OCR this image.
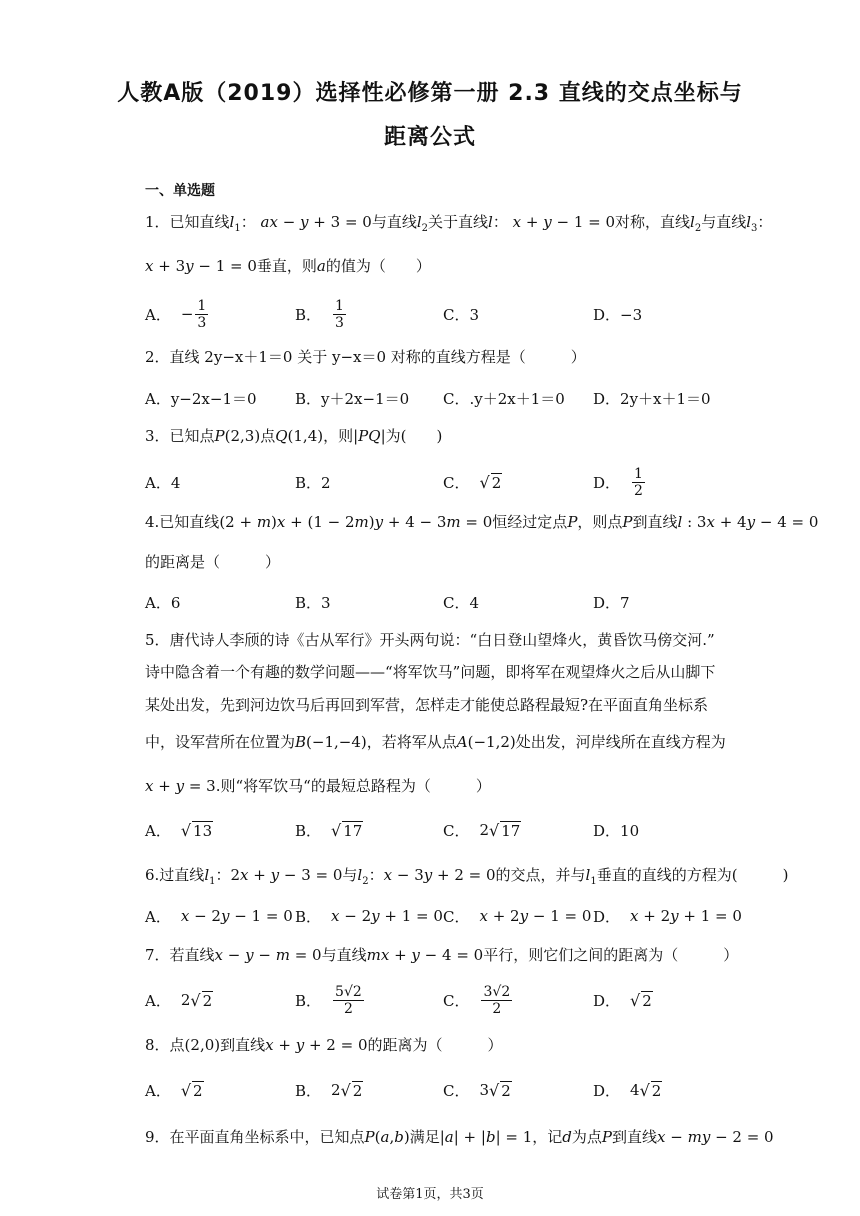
人教A版（2019）选择性必修第一册 2.3 直线的交点坐标与
距离公式
一、单选题
1．已知直线$l_1$： ax − y + 3 = 0与直线$l_2$关于直线l： x + y − 1 = 0对称，直线$l_2$与直线$l_3$：
x + 3y − 1 = 0垂直，则a的值为（　　）
A． − $\frac{1}{3}$	B． $\frac{1}{3}$	C．3	D．−3
2．直线 2y−x＋1＝0 关于 y−x＝0 对称的直线方程是（　　　）
A．y−2x−1＝0	B．y＋2x−1＝0 C．.y＋2x＋1＝0 D．2y＋x＋1＝0
3．已知点P(2,3)点Q(1,4)，则|PQ|为(　　)
A．4	B．2	C． √ 2	D． $\frac{1}{2}$
4.已知直线(2 + m)x + (1 − 2m)y + 4 − 3m = 0恒经过定点P，则点P到直线l : 3x + 4y − 4 = 0
的距离是（　　　）
A．6	B．3	C．4	D．7
5．唐代诗人李颀的诗《古从军行》开头两句说：“白日登山望烽火，黄昏饮马傍交河.”
诗中隐含着一个有趣的数学问题——“将军饮马”问题，即将军在观望烽火之后从山脚下
某处出发，先到河边饮马后再回到军营，怎样走才能使总路程最短?在平面直角坐标系
中，设军营所在位置为B(−1,−4)，若将军从点A(−1,2)处出发，河岸线所在直线方程为
x + y = 3.则“将军饮马“的最短总路程为（　　　）
A． √ 13	B． √ 17	C． 2 √ 17	D．10
6.过直线$l_1$：2x + y − 3 = 0与$l_2$：x − 3y + 2 = 0的交点，并与$l_1$垂直的直线的方程为(　　　)
A． x − 2 y − 1 = 0 B． x − 2 y + 1 = 0 C． x + 2 y − 1 = 0 D． x + 2 y + 1 = 0
7．若直线x − y − m = 0与直线mx + y − 4 = 0平行，则它们之间的距离为（　　　）
A． 2 √ 2	B． $\frac{5√2}{2}$	C． $\frac{3√2}{2}$	D． √ 2
8．点(2,0)到直线x + y + 2 = 0的距离为（　　　）
A． √ 2	B． 2 √ 2	C． 3 √ 2	D． 4 √ 2
9．在平面直角坐标系中，已知点P(a,b)满足|a| + |b| = 1，记d为点P到直线x − my − 2 = 0
试卷第1页，共3页
